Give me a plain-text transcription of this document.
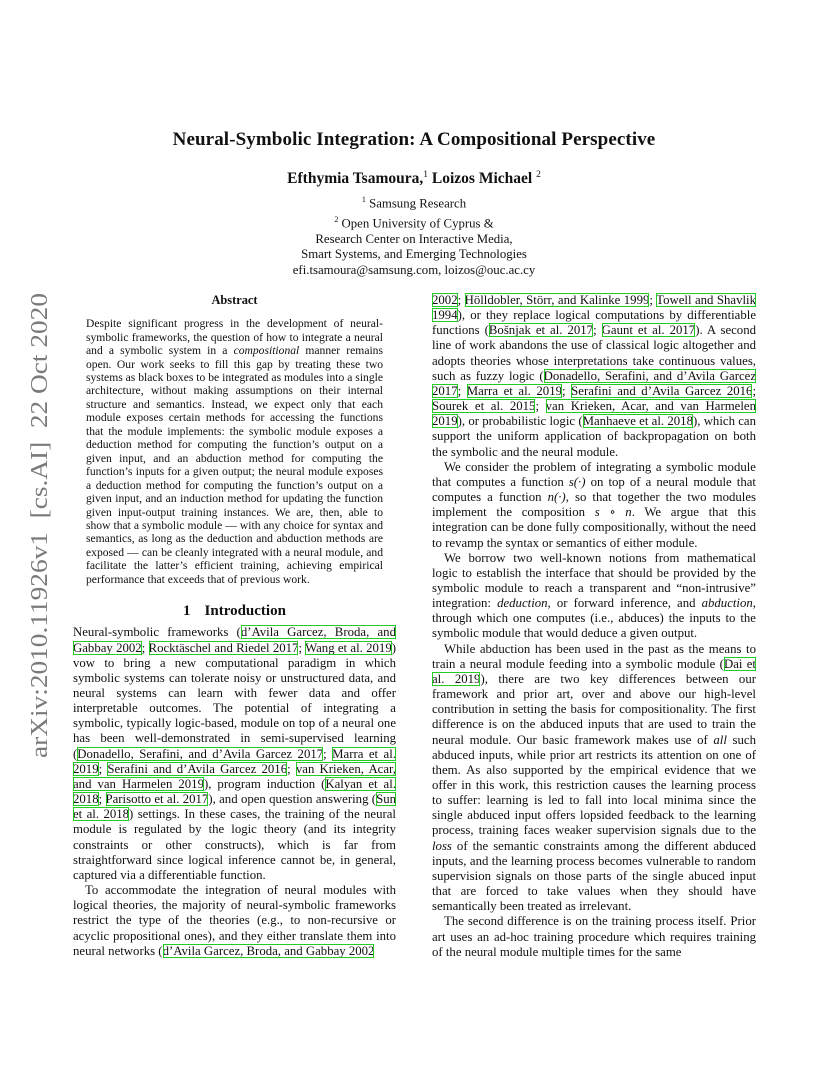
arXiv:2010.11926v1  [cs.AI]  22 Oct 2020
Neural-Symbolic Integration: A Compositional Perspective
Efthymia Tsamoura,$^1$ Loizos Michael $^2$
$^1$ Samsung Research
$^2$ Open University of Cyprus &
Research Center on Interactive Media,
Smart Systems, and Emerging Technologies
efi.tsamoura@samsung.com, loizos@ouc.ac.cy
Abstract

Despite significant progress in the development of neural-symbolic frameworks, the question of how to integrate a neural and a symbolic system in a compositional manner remains open. Our work seeks to fill this gap by treating these two systems as black boxes to be integrated as modules into a single architecture, without making assumptions on their internal structure and semantics. Instead, we expect only that each module exposes certain methods for accessing the functions that the module implements: the symbolic module exposes a deduction method for computing the function’s output on a given input, and an abduction method for computing the function’s inputs for a given output; the neural module exposes a deduction method for computing the function’s output on a given input, and an induction method for updating the function given input-output training instances. We are, then, able to show that a symbolic module — with any choice for syntax and semantics, as long as the deduction and abduction methods are exposed — can be cleanly integrated with a neural module, and facilitate the latter’s efficient training, achieving empirical performance that exceeds that of previous work.

1 Introduction

Neural-symbolic frameworks (d’Avila Garcez, Broda, and Gabbay 2002; Rocktäschel and Riedel 2017; Wang et al. 2019) vow to bring a new computational paradigm in which symbolic systems can tolerate noisy or unstructured data, and neural systems can learn with fewer data and offer interpretable outcomes. The potential of integrating a symbolic, typically logic-based, module on top of a neural one has been well-demonstrated in semi-supervised learning (Donadello, Serafini, and d’Avila Garcez 2017; Marra et al. 2019; Serafini and d’Avila Garcez 2016; van Krieken, Acar, and van Harmelen 2019), program induction (Kalyan et al. 2018; Parisotto et al. 2017), and open question answering (Sun et al. 2018) settings. In these cases, the training of the neural module is regulated by the logic theory (and its integrity constraints or other constructs), which is far from straightforward since logical inference cannot be, in general, captured via a differentiable function.

To accommodate the integration of neural modules with logical theories, the majority of neural-symbolic frameworks restrict the type of the theories (e.g., to non-recursive or acyclic propositional ones), and they either translate them into neural networks (d’Avila Garcez, Broda, and Gabbay 2002

2002; Hölldobler, Störr, and Kalinke 1999; Towell and Shavlik 1994), or they replace logical computations by differentiable functions (Bošnjak et al. 2017; Gaunt et al. 2017). A second line of work abandons the use of classical logic altogether and adopts theories whose interpretations take continuous values, such as fuzzy logic (Donadello, Serafini, and d’Avila Garcez 2017; Marra et al. 2019; Serafini and d’Avila Garcez 2016; Sourek et al. 2015; van Krieken, Acar, and van Harmelen 2019), or probabilistic logic (Manhaeve et al. 2018), which can support the uniform application of backpropagation on both the symbolic and the neural module.

We consider the problem of integrating a symbolic module that computes a function s(·) on top of a neural module that computes a function n(·), so that together the two modules implement the composition s ∘ n. We argue that this integration can be done fully compositionally, without the need to revamp the syntax or semantics of either module.

We borrow two well-known notions from mathematical logic to establish the interface that should be provided by the symbolic module to reach a transparent and “non-intrusive” integration: deduction, or forward inference, and abduction, through which one computes (i.e., abduces) the inputs to the symbolic module that would deduce a given output.

While abduction has been used in the past as the means to train a neural module feeding into a symbolic module (Dai et al. 2019), there are two key differences between our framework and prior art, over and above our high-level contribution in setting the basis for compositionality. The first difference is on the abduced inputs that are used to train the neural module. Our basic framework makes use of all such abduced inputs, while prior art restricts its attention on one of them. As also supported by the empirical evidence that we offer in this work, this restriction causes the learning process to suffer: learning is led to fall into local minima since the single abduced input offers lopsided feedback to the learning process, training faces weaker supervision signals due to the loss of the semantic constraints among the different abduced inputs, and the learning process becomes vulnerable to random supervision signals on those parts of the single abuced input that are forced to take values when they should have semantically been treated as irrelevant.

The second difference is on the training process itself. Prior art uses an ad-hoc training procedure which requires training of the neural module multiple times for the same
